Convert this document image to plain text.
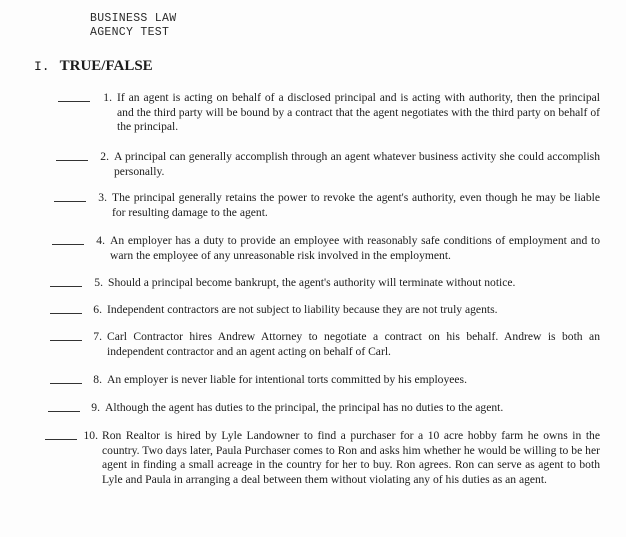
BUSINESS LAW
AGENCY TEST
I. TRUE/FALSE
1. If an agent is acting on behalf of a disclosed principal and is acting with authority, then the principal and the third party will be bound by a contract that the agent negotiates with the third party on behalf of the principal.
2. A principal can generally accomplish through an agent whatever business activity she could accomplish personally.
3. The principal generally retains the power to revoke the agent's authority, even though he may be liable for resulting damage to the agent.
4. An employer has a duty to provide an employee with reasonably safe conditions of employment and to warn the employee of any unreasonable risk involved in the employment.
5. Should a principal become bankrupt, the agent's authority will terminate without notice.
6. Independent contractors are not subject to liability because they are not truly agents.
7. Carl Contractor hires Andrew Attorney to negotiate a contract on his behalf. Andrew is both an independent contractor and an agent acting on behalf of Carl.
8. An employer is never liable for intentional torts committed by his employees.
9. Although the agent has duties to the principal, the principal has no duties to the agent.
10. Ron Realtor is hired by Lyle Landowner to find a purchaser for a 10 acre hobby farm he owns in the country. Two days later, Paula Purchaser comes to Ron and asks him whether he would be willing to be her agent in finding a small acreage in the country for her to buy. Ron agrees. Ron can serve as agent to both Lyle and Paula in arranging a deal between them without violating any of his duties as an agent.
